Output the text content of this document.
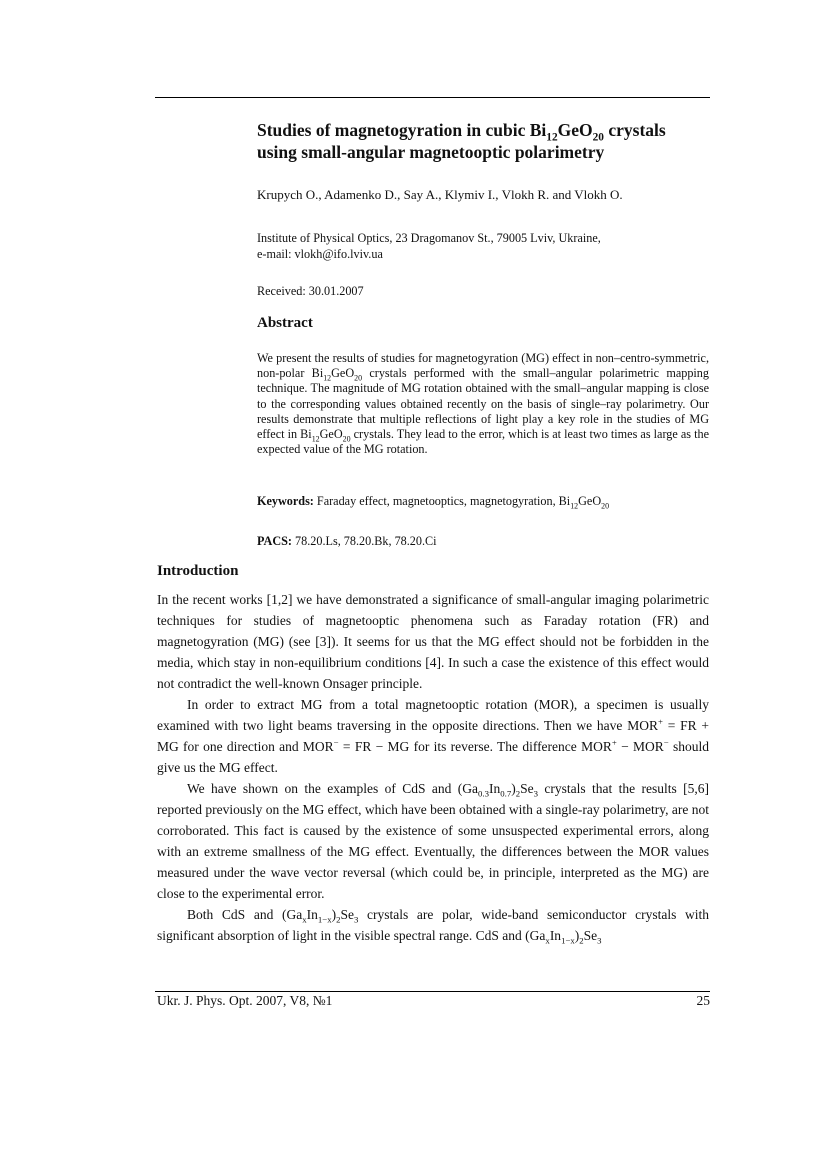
Studies of magnetogyration in cubic $Bi_{12}GeO_{20}$ crystals
using small-angular magnetooptic polarimetry
Krupych O., Adamenko D., Say A., Klymiv I., Vlokh R. and Vlokh O.
Institute of Physical Optics, 23 Dragomanov St., 79005 Lviv, Ukraine,
e-mail: vlokh@ifo.lviv.ua
Received: 30.01.2007
Abstract
We present the results of studies for magnetogyration (MG) effect in non–centro-symmetric, non-polar $Bi_{12}GeO_{20}$ crystals performed with the small–angular polarimetric mapping technique. The magnitude of MG rotation obtained with the small–angular mapping is close to the corresponding values obtained recently on the basis of single–ray polarimetry. Our results demonstrate that multiple reflections of light play a key role in the studies of MG effect in $Bi_{12}GeO_{20}$ crystals. They lead to the error, which is at least two times as large as the expected value of the MG rotation.
Keywords: Faraday effect, magnetooptics, magnetogyration, $Bi_{12}GeO_{20}$
PACS: 78.20.Ls, 78.20.Bk, 78.20.Ci
Introduction

In the recent works [1,2] we have demonstrated a significance of small-angular imaging polarimetric techniques for studies of magnetooptic phenomena such as Faraday rotation (FR) and magnetogyration (MG) (see [3]). It seems for us that the MG effect should not be forbidden in the media, which stay in non-equilibrium conditions [4]. In such a case the existence of this effect would not contradict the well-known Onsager principle.

In order to extract MG from a total magnetooptic rotation (MOR), a specimen is usually examined with two light beams traversing in the opposite directions. Then we have MOR+ = FR + MG for one direction and MOR− = FR − MG for its reverse. The difference MOR+ − MOR− should give us the MG effect.

We have shown on the examples of CdS and $(Ga_{0.3}In_{0.7})_2Se_3$ crystals that the results [5,6] reported previously on the MG effect, which have been obtained with a single-ray polarimetry, are not corroborated. This fact is caused by the existence of some unsuspected experimental errors, along with an extreme smallness of the MG effect. Eventually, the differences between the MOR values measured under the wave vector reversal (which could be, in principle, interpreted as the MG) are close to the experimental error.

Both CdS and $(Ga_xIn_{1-x})_2Se_3$ crystals are polar, wide-band semiconductor crystals with significant absorption of light in the visible spectral range. CdS and $(Ga_xIn_{1-x})_2Se_3$

Ukr. J. Phys. Opt. 2007, V8, №1	25
